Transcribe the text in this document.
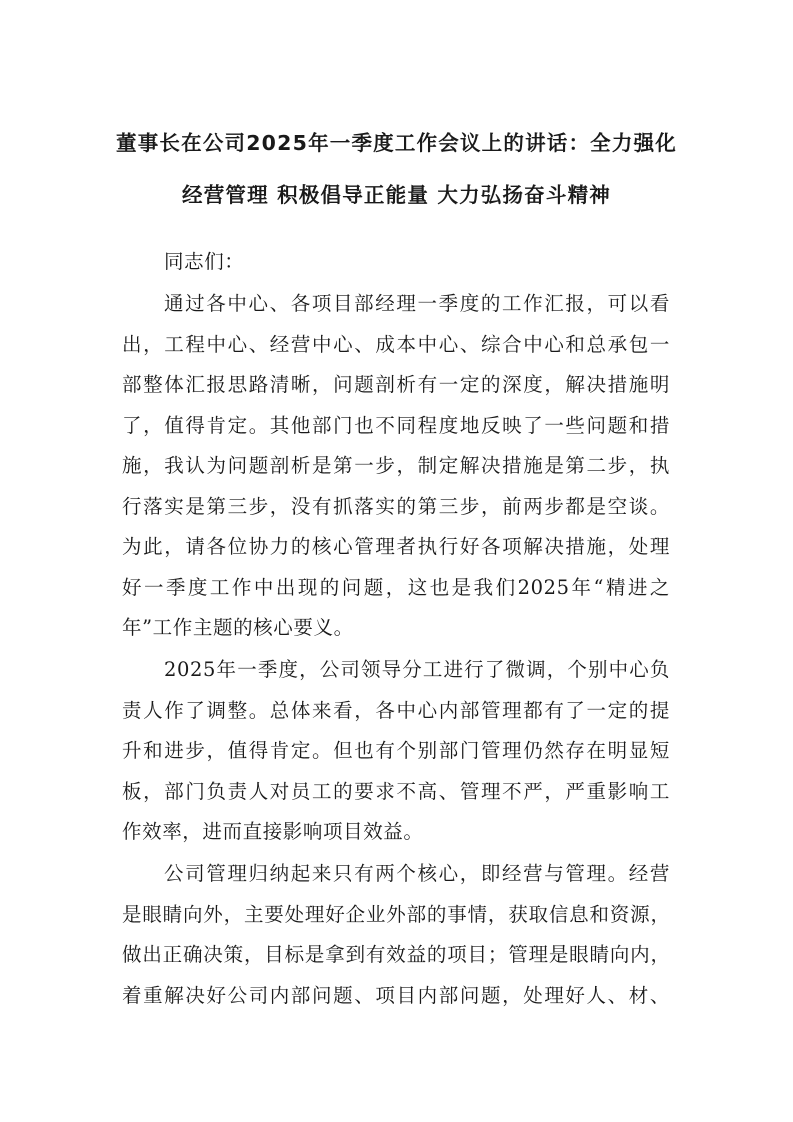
董事长在公司2025年一季度工作会议上的讲话：全力强化
经营管理 积极倡导正能量 大力弘扬奋斗精神
同志们：
通过各中心、各项目部经理一季度的工作汇报，可以看
出，工程中心、经营中心、成本中心、综合中心和总承包一
部整体汇报思路清晰，问题剖析有一定的深度，解决措施明
了，值得肯定。其他部门也不同程度地反映了一些问题和措
施，我认为问题剖析是第一步，制定解决措施是第二步，执
行落实是第三步，没有抓落实的第三步，前两步都是空谈。
为此，请各位协力的核心管理者执行好各项解决措施，处理
好一季度工作中出现的问题，这也是我们2025年“精进之
年”工作主题的核心要义。
2025年一季度，公司领导分工进行了微调，个别中心负
责人作了调整。总体来看，各中心内部管理都有了一定的提
升和进步，值得肯定。但也有个别部门管理仍然存在明显短
板，部门负责人对员工的要求不高、管理不严，严重影响工
作效率，进而直接影响项目效益。
公司管理归纳起来只有两个核心，即经营与管理。经营
是眼睛向外，主要处理好企业外部的事情，获取信息和资源，
做出正确决策，目标是拿到有效益的项目；管理是眼睛向内，
着重解决好公司内部问题、项目内部问题，处理好人、材、
